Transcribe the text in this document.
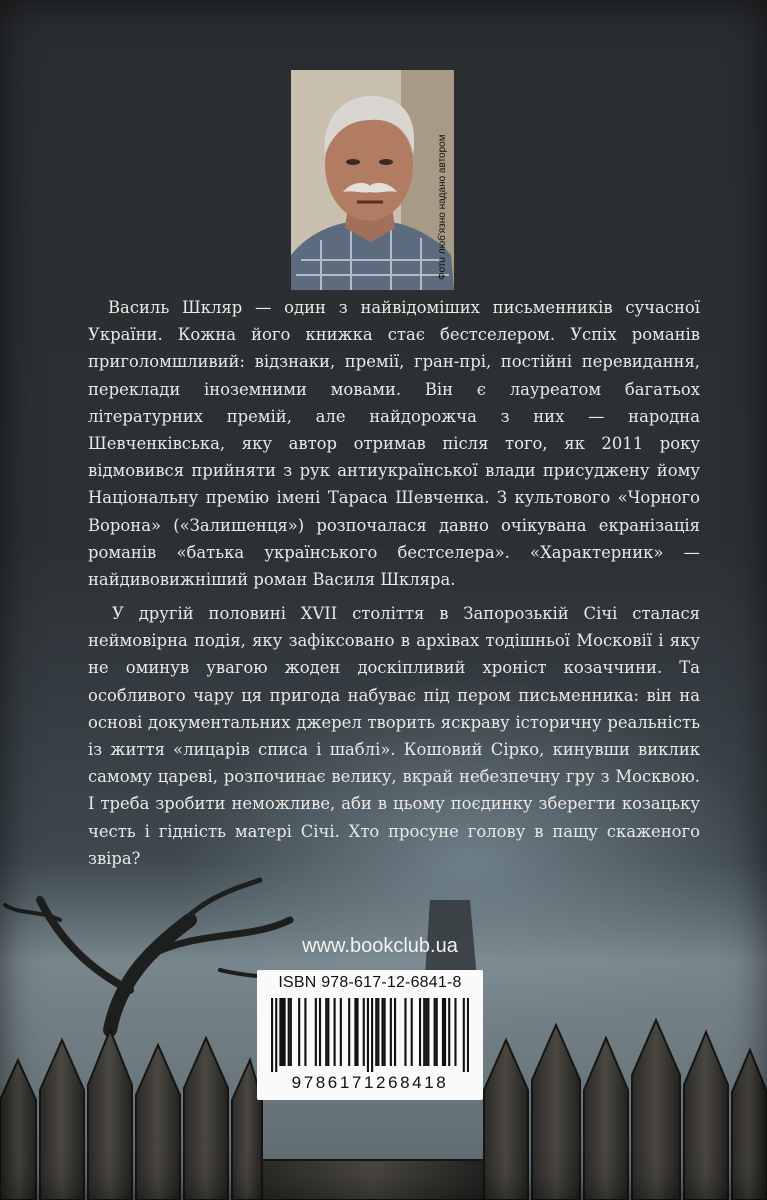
Фото люб'язно надано автором

Василь Шкляр — один з найвідоміших письменників сучасної України. Кожна його книжка стає бестселером. Успіх романів приголомшливий: відзнаки, премії, гран-прі, постійні перевидання, переклади іноземними мовами. Він є лауреатом багатьох літературних премій, але найдорожча з них — народна Шевченківська, яку автор отримав після того, як 2011 року відмовився прийняти з рук антиукраїнської влади присуджену йому Національну премію імені Тараса Шевченка. З культового «Чорного Ворона» («Залишенця») розпочалася давно очікувана екранізація романів «батька українського бестселера». «Характерник» — найдивовижніший роман Василя Шкляра.

У другій половині XVII століття в Запорозькій Січі сталася неймовірна подія, яку зафіксовано в архівах тодішньої Московії і яку не оминув увагою жоден доскіпливий хроніст козаччини. Та особливого чару ця пригода набуває під пером письменника: він на основі документальних джерел творить яскраву історичну реальність із життя «лицарів списа і шаблі». Кошовий Сірко, кинувши виклик самому цареві, розпочинає велику, вкрай небезпечну гру з Москвою. І треба зробити неможливе, аби в цьому поєдинку зберегти козацьку честь і гідність матері Січі. Хто просуне голову в пащу скаженого звіра?

www.bookclub.ua
ISBN 978-617-12-6841-8
9786171268418
